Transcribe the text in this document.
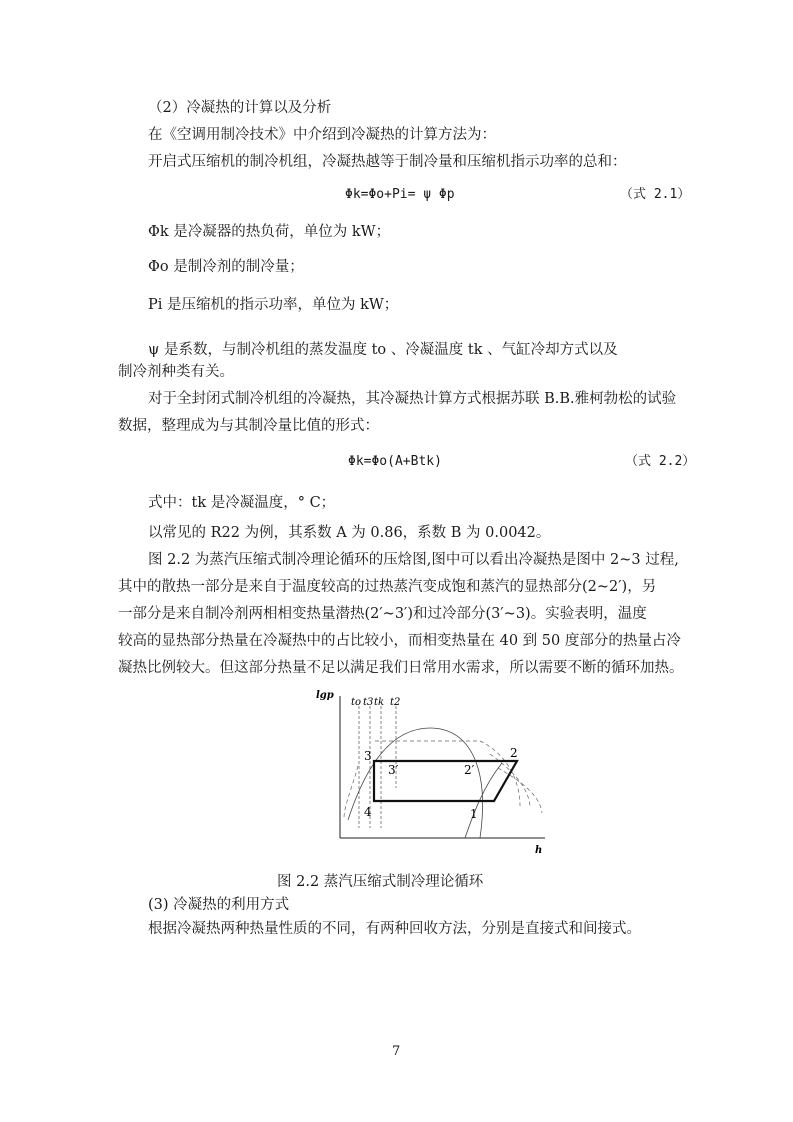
（2）冷凝热的计算以及分析
在《空调用制冷技术》中介绍到冷凝热的计算方法为：
开启式压缩机的制冷机组，冷凝热越等于制冷量和压缩机指示功率的总和：
Φk=Φo+Pi= ψ Φp	（式 2.1）
Φk 是冷凝器的热负荷，单位为 kW；
Φo 是制冷剂的制冷量；
Pi 是压缩机的指示功率，单位为 kW；
ψ 是系数，与制冷机组的蒸发温度 to 、冷凝温度 tk 、气缸冷却方式以及
制冷剂种类有关。
对于全封闭式制冷机组的冷凝热，其冷凝热计算方式根据苏联 B.B.雅柯勃松的试验
数据，整理成为与其制冷量比值的形式：
Φk=Φo(A+Btk)	（式 2.2）
式中：tk 是冷凝温度，° C；
以常见的 R22 为例，其系数 A 为 0.86，系数 B 为 0.0042。
图 2.2 为蒸汽压缩式制冷理论循环的压焓图,图中可以看出冷凝热是图中 2~3 过程,
其中的散热一部分是来自于温度较高的过热蒸汽变成饱和蒸汽的显热部分(2~2′)，另
一部分是来自制冷剂两相相变热量潜热(2′~3′)和过冷部分(3′~3)。实验表明，温度
较高的显热部分热量在冷凝热中的占比较小，而相变热量在 40 到 50 度部分的热量占冷
凝热比例较大。但这部分热量不足以满足我们日常用水需求，所以需要不断的循环加热。
lgp
h
to t3 tk t2
3
3′	2′
2
4	1
图 2.2 蒸汽压缩式制冷理论循环
(3) 冷凝热的利用方式
根据冷凝热两种热量性质的不同，有两种回收方法，分别是直接式和间接式。
7
